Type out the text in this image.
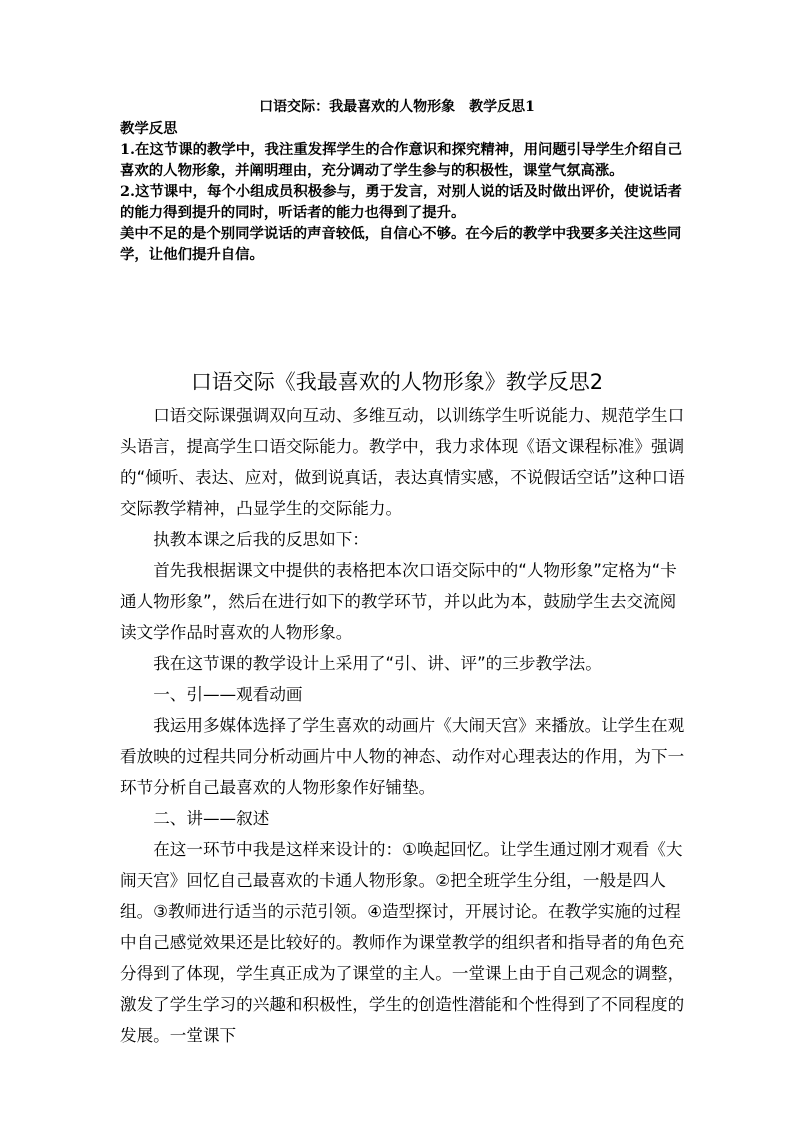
口语交际：我最喜欢的人物形象　教学反思1

教学反思

1.在这节课的教学中，我注重发挥学生的合作意识和探究精神，用问题引导学生介绍自己喜欢的人物形象，并阐明理由，充分调动了学生参与的积极性，课堂气氛高涨。

2.这节课中，每个小组成员积极参与，勇于发言，对别人说的话及时做出评价，使说话者的能力得到提升的同时，听话者的能力也得到了提升。

美中不足的是个别同学说话的声音较低，自信心不够。在今后的教学中我要多关注这些同学，让他们提升自信。

口语交际《我最喜欢的人物形象》教学反思2

口语交际课强调双向互动、多维互动，以训练学生听说能力、规范学生口头语言，提高学生口语交际能力。教学中，我力求体现《语文课程标准》强调的“倾听、表达、应对，做到说真话，表达真情实感，不说假话空话”这种口语交际教学精神，凸显学生的交际能力。

执教本课之后我的反思如下：

首先我根据课文中提供的表格把本次口语交际中的“人物形象”定格为“卡通人物形象”，然后在进行如下的教学环节，并以此为本，鼓励学生去交流阅读文学作品时喜欢的人物形象。

我在这节课的教学设计上采用了“引、讲、评”的三步教学法。

一、引——观看动画

我运用多媒体选择了学生喜欢的动画片《大闹天宫》来播放。让学生在观看放映的过程共同分析动画片中人物的神态、动作对心理表达的作用，为下一环节分析自己最喜欢的人物形象作好铺垫。

二、讲——叙述

在这一环节中我是这样来设计的：①唤起回忆。让学生通过刚才观看《大闹天宫》回忆自己最喜欢的卡通人物形象。②把全班学生分组，一般是四人组。③教师进行适当的示范引领。④造型探讨，开展讨论。在教学实施的过程中自己感觉效果还是比较好的。教师作为课堂教学的组织者和指导者的角色充分得到了体现，学生真正成为了课堂的主人。一堂课上由于自己观念的调整，激发了学生学习的兴趣和积极性，学生的创造性潜能和个性得到了不同程度的发展。一堂课下
